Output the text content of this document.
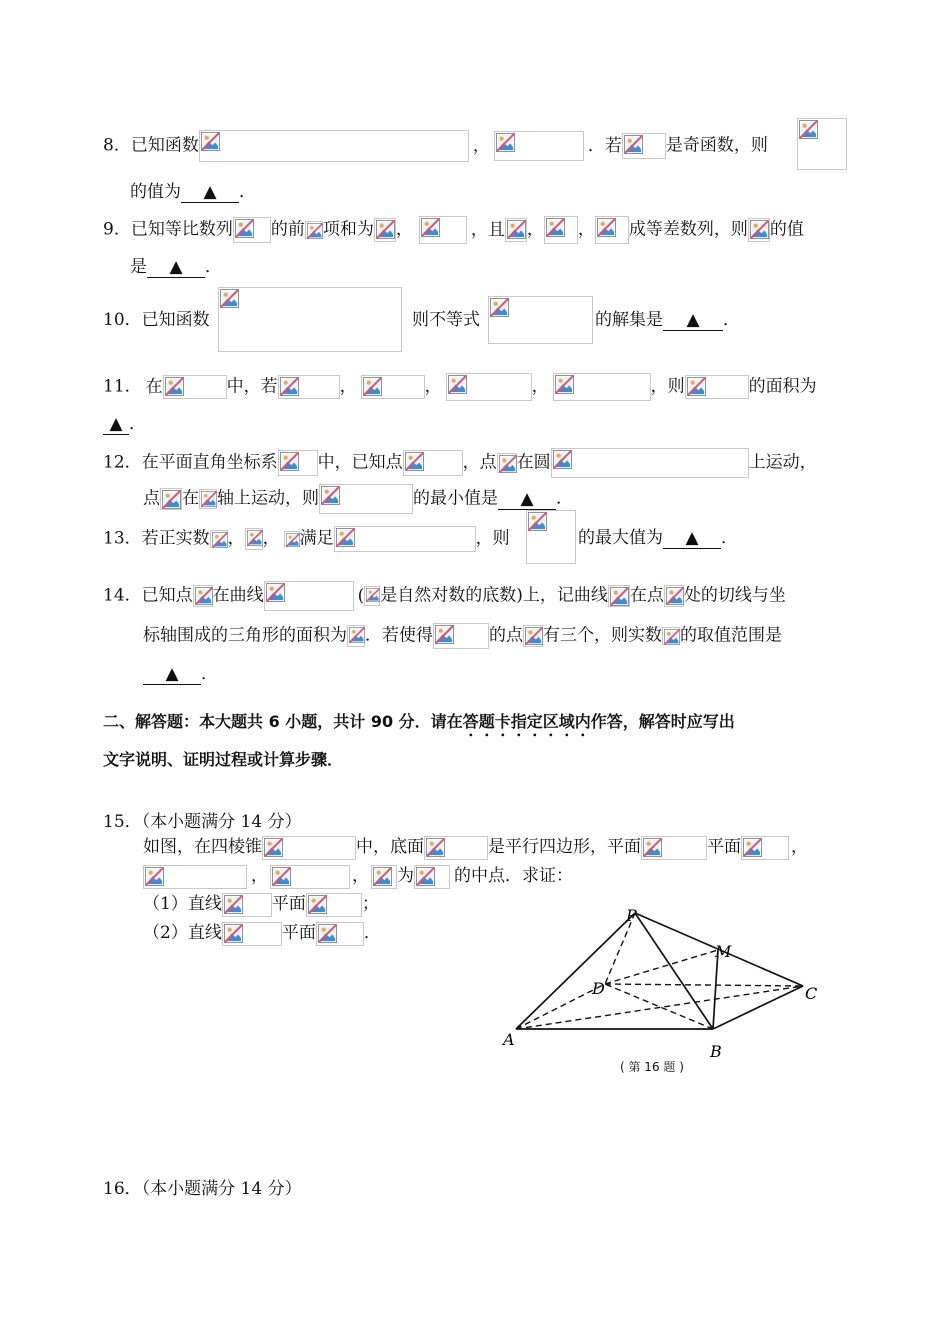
8．已知函数	，	．若	是奇函数，则
的值为 ▲ ．
9．已知等比数列 的前 项和为 ，	，且 ， ， 成等差数列，则 的值
是 ▲ ．
10．已知函数	则不等式	的解集是 ▲ ．
11． 在	中，若	，	，	，	，则	的面积为
▲ ．
12．在平面直角坐标系 中，已知点	，点 在圆	上运动，
点 在 轴上运动，则	的最小值是 ▲ ．
13．若正实数 ， ， 满足	，则	的最大值为 ▲ ．
14．已知点 在曲线	( 是自然对数的底数)上，记曲线 在点 处的切线与坐
标轴围成的三角形的面积为 ．若使得	的点 有三个，则实数 的取值范围是
▲ ．
二、解答题：本大题共 6 小题，共计 90 分．请在答题卡指定区域内作答，解答时应写出
文字说明、证明过程或计算步骤．
15．（本小题满分 14 分）
如图，在四棱锥	中，底面	是平行四边形，平面	平面	，
，	， 为 的中点．求证：
（1）直线	平面	；
（2）直线	平面	．
P
M
D	C
A
B
( 第 16 题 )
16．（本小题满分 14 分）
